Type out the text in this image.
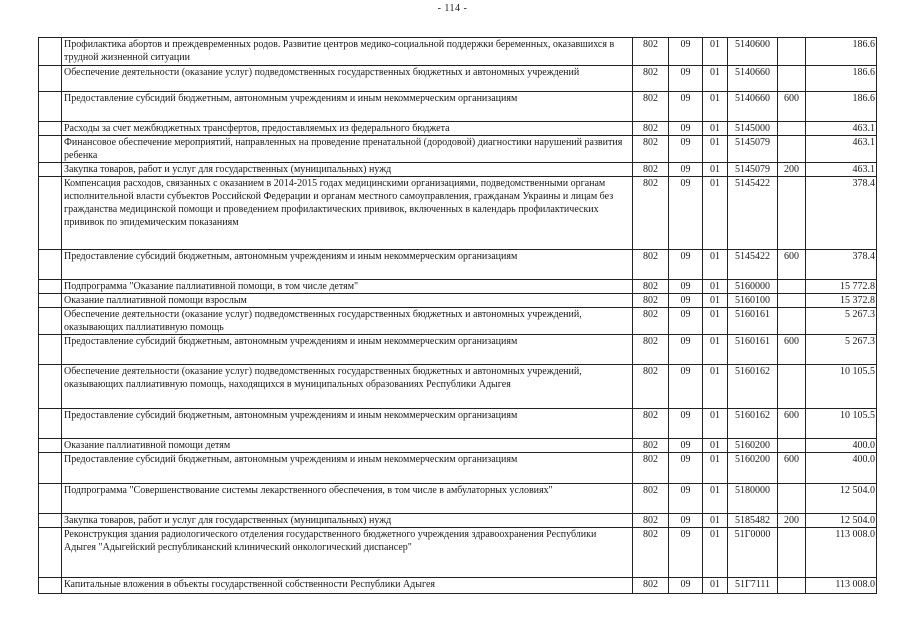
- 114 -
	Профилактика абортов и преждевременных родов. Развитие центров медико-социальной поддержки беременных, оказавшихся в трудной жизненной ситуации	802	09	01	5140600		186.6
	Обеспечение деятельности (оказание услуг) подведомственных государственных бюджетных и автономных учреждений	802	09	01	5140660		186.6
	Предоставление субсидий бюджетным, автономным учреждениям и иным некоммерческим организациям	802	09	01	5140660	600	186.6
	Расходы за счет межбюджетных трансфертов, предоставляемых из федерального бюджета	802	09	01	5145000		463.1
	Финансовое обеспечение мероприятий, направленных на проведение пренатальной (дородовой) диагностики нарушений развития ребенка	802	09	01	5145079		463.1
	Закупка товаров, работ и услуг для государственных (муниципальных) нужд	802	09	01	5145079	200	463.1
	Компенсация расходов, связанных с оказанием в 2014-2015 годах медицинскими организациями, подведомственными органам исполнительной власти субъектов Российской Федерации и органам местного самоуправления, гражданам Украины и лицам без гражданства медицинской помощи и проведением профилактических прививок, включенных в календарь профилактических прививок по эпидемическим показаниям	802	09	01	5145422		378.4
	Предоставление субсидий бюджетным, автономным учреждениям и иным некоммерческим организациям	802	09	01	5145422	600	378.4
	Подпрограмма "Оказание паллиативной помощи, в том числе детям"	802	09	01	5160000		15 772.8
	Оказание паллиативной помощи взрослым	802	09	01	5160100		15 372.8
	Обеспечение деятельности (оказание услуг) подведомственных государственных бюджетных и автономных учреждений, оказывающих паллиативную помощь	802	09	01	5160161		5 267.3
	Предоставление субсидий бюджетным, автономным учреждениям и иным некоммерческим организациям	802	09	01	5160161	600	5 267.3
	Обеспечение деятельности (оказание услуг) подведомственных государственных бюджетных и автономных учреждений, оказывающих паллиативную помощь, находящихся в муниципальных образованиях Республики Адыгея	802	09	01	5160162		10 105.5
	Предоставление субсидий бюджетным, автономным учреждениям и иным некоммерческим организациям	802	09	01	5160162	600	10 105.5
	Оказание паллиативной помощи детям	802	09	01	5160200		400.0
	Предоставление субсидий бюджетным, автономным учреждениям и иным некоммерческим организациям	802	09	01	5160200	600	400.0
	Подпрограмма "Совершенствование системы лекарственного обеспечения, в том числе в амбулаторных условиях"	802	09	01	5180000		12 504.0
	Закупка товаров, работ и услуг для государственных (муниципальных) нужд	802	09	01	5185482	200	12 504.0
	Реконструкция здания радиологического отделения государственного бюджетного учреждения здравоохранения Республики Адыгея "Адыгейский республиканский клинический онкологический диспансер"	802	09	01	51Г0000		113 008.0
	Капитальные вложения в объекты государственной собственности Республики Адыгея	802	09	01	51Г7111		113 008.0
